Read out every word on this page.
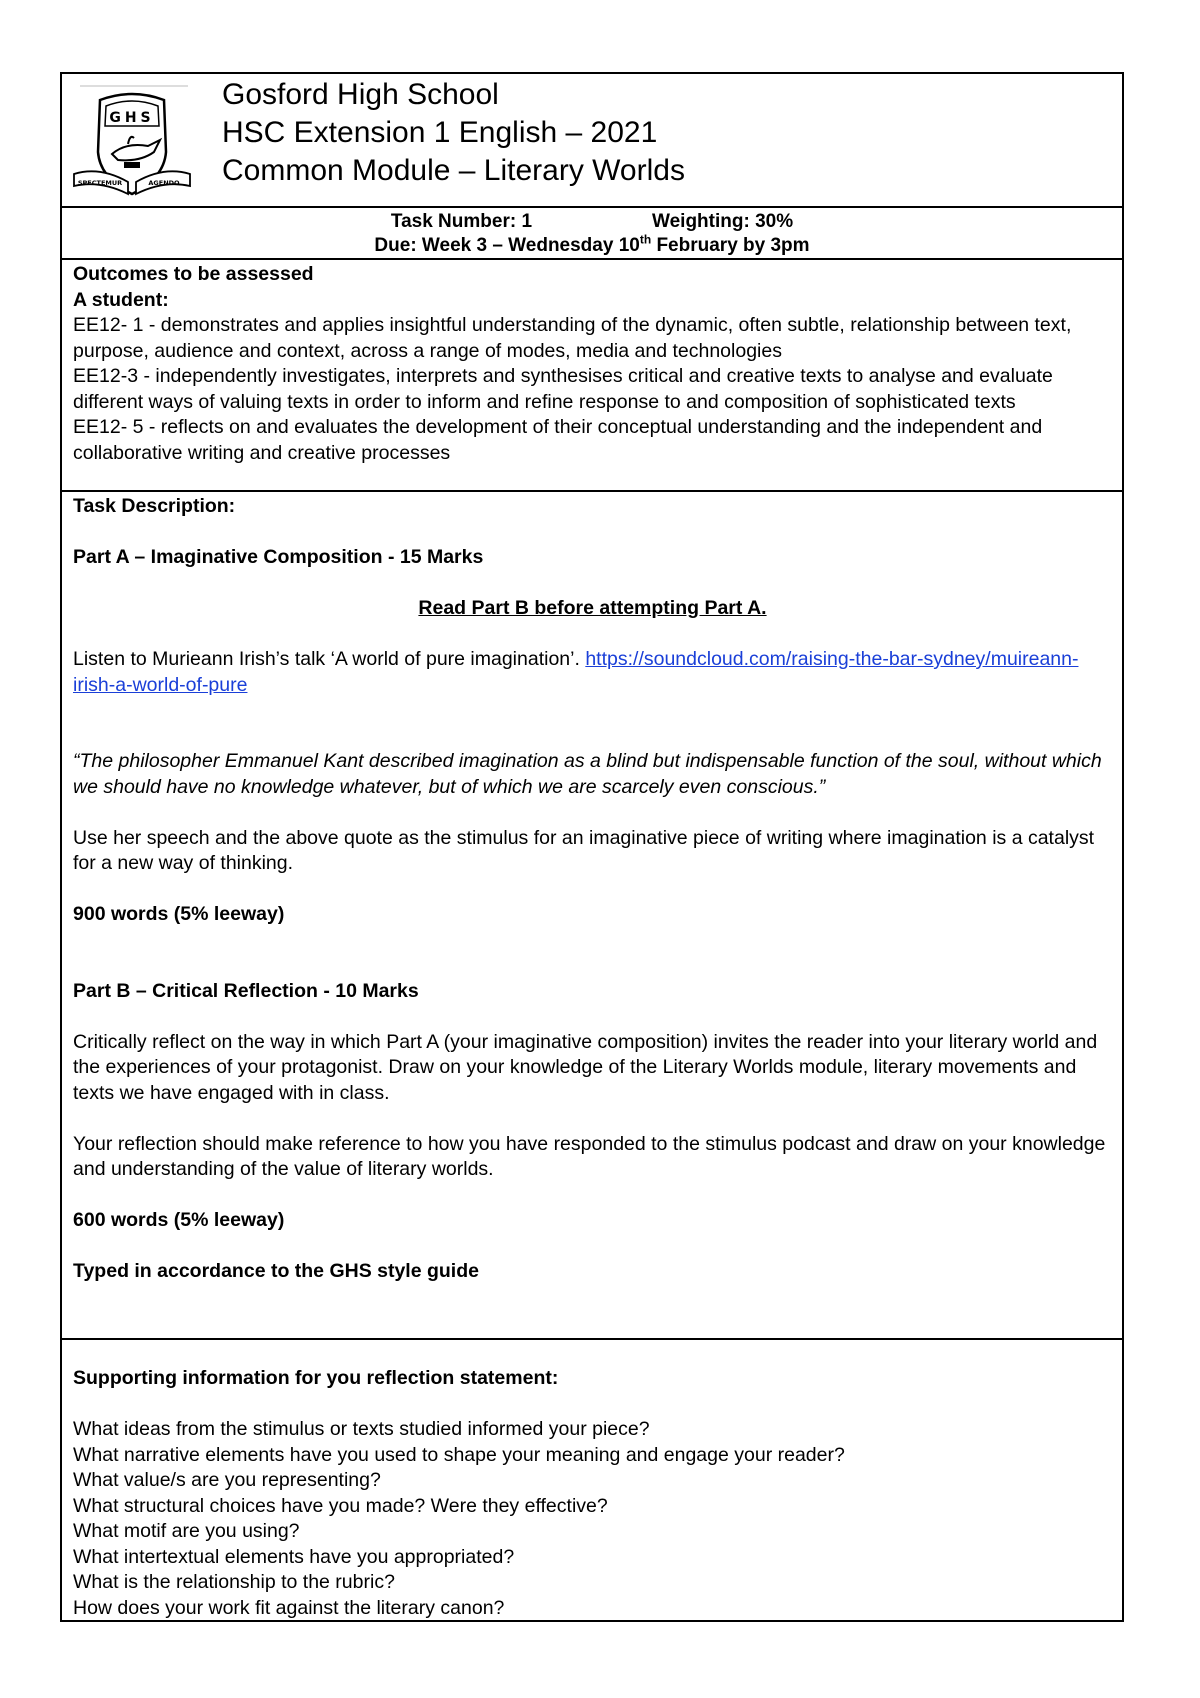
GHS
SPECTEMUR	AGENDO
Gosford High School
HSC Extension 1 English – 2021
Common Module – Literary Worlds
Task Number: 1	Weighting: 30%
Due: Week 3 – Wednesday 10th February by 3pm
Outcomes to be assessed
A student:
EE12- 1 - demonstrates and applies insightful understanding of the dynamic, often subtle, relationship between text, purpose, audience and context, across a range of modes, media and technologies
EE12-3 - independently investigates, interprets and synthesises critical and creative texts to analyse and evaluate different ways of valuing texts in order to inform and refine response to and composition of sophisticated texts
EE12- 5 - reflects on and evaluates the development of their conceptual understanding and the independent and collaborative writing and creative processes
Task Description:
Part A – Imaginative Composition - 15 Marks
Read Part B before attempting Part A.
Listen to Murieann Irish’s talk ‘A world of pure imagination’. https://soundcloud.com/raising-the-bar-sydney/muireann-irish-a-world-of-pure
“The philosopher Emmanuel Kant described imagination as a blind but indispensable function of the soul, without which we should have no knowledge whatever, but of which we are scarcely even conscious.”
Use her speech and the above quote as the stimulus for an imaginative piece of writing where imagination is a catalyst for a new way of thinking.
900 words (5% leeway)
Part B – Critical Reflection - 10 Marks
Critically reflect on the way in which Part A (your imaginative composition) invites the reader into your literary world and the experiences of your protagonist. Draw on your knowledge of the Literary Worlds module, literary movements and texts we have engaged with in class.
Your reflection should make reference to how you have responded to the stimulus podcast and draw on your knowledge and understanding of the value of literary worlds.
600 words (5% leeway)
Typed in accordance to the GHS style guide
Supporting information for you reflection statement:
What ideas from the stimulus or texts studied informed your piece?
What narrative elements have you used to shape your meaning and engage your reader?
What value/s are you representing?
What structural choices have you made? Were they effective?
What motif are you using?
What intertextual elements have you appropriated?
What is the relationship to the rubric?
How does your work fit against the literary canon?
